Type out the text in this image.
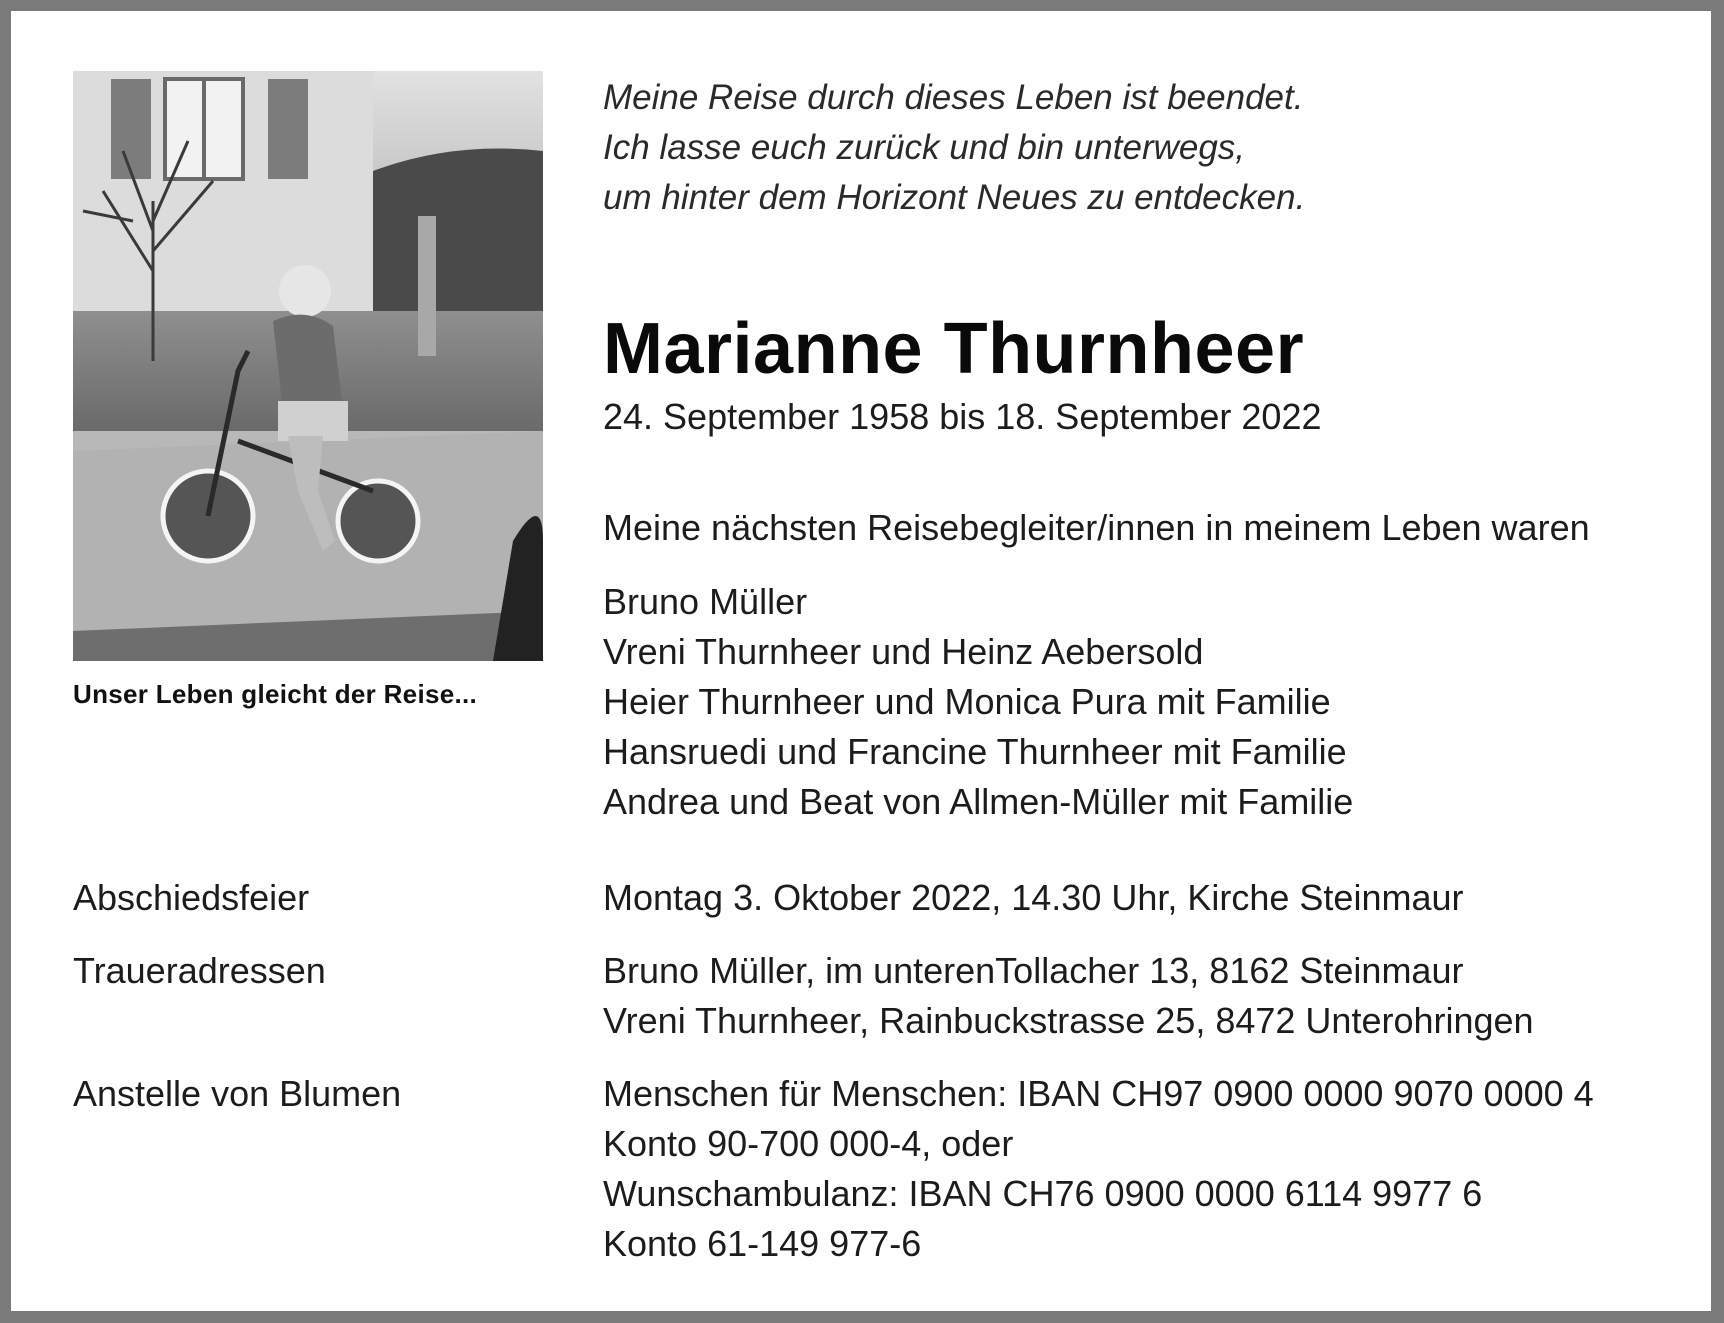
Unser Leben gleicht der Reise...
Meine Reise durch dieses Leben ist beendet.
Ich lasse euch zurück und bin unterwegs,
um hinter dem Horizont Neues zu entdecken.
Marianne Thurnheer
24. September 1958 bis 18. September 2022
Meine nächsten Reisebegleiter/innen in meinem Leben waren
Bruno Müller
Vreni Thurnheer und Heinz Aebersold
Heier Thurnheer und Monica Pura mit Familie
Hansruedi und Francine Thurnheer mit Familie
Andrea und Beat von Allmen-Müller mit Familie
Abschiedsfeier	Montag 3. Oktober 2022, 14.30 Uhr, Kirche Steinmaur
Traueradressen	Bruno Müller, im unterenTollacher 13, 8162 Steinmaur
Vreni Thurnheer, Rainbuckstrasse 25, 8472 Unterohringen
Anstelle von Blumen	Menschen für Menschen: IBAN CH97 0900 0000 9070 0000 4
Konto 90-700 000-4, oder
Wunschambulanz: IBAN CH76 0900 0000 6114 9977 6
Konto 61-149 977-6
